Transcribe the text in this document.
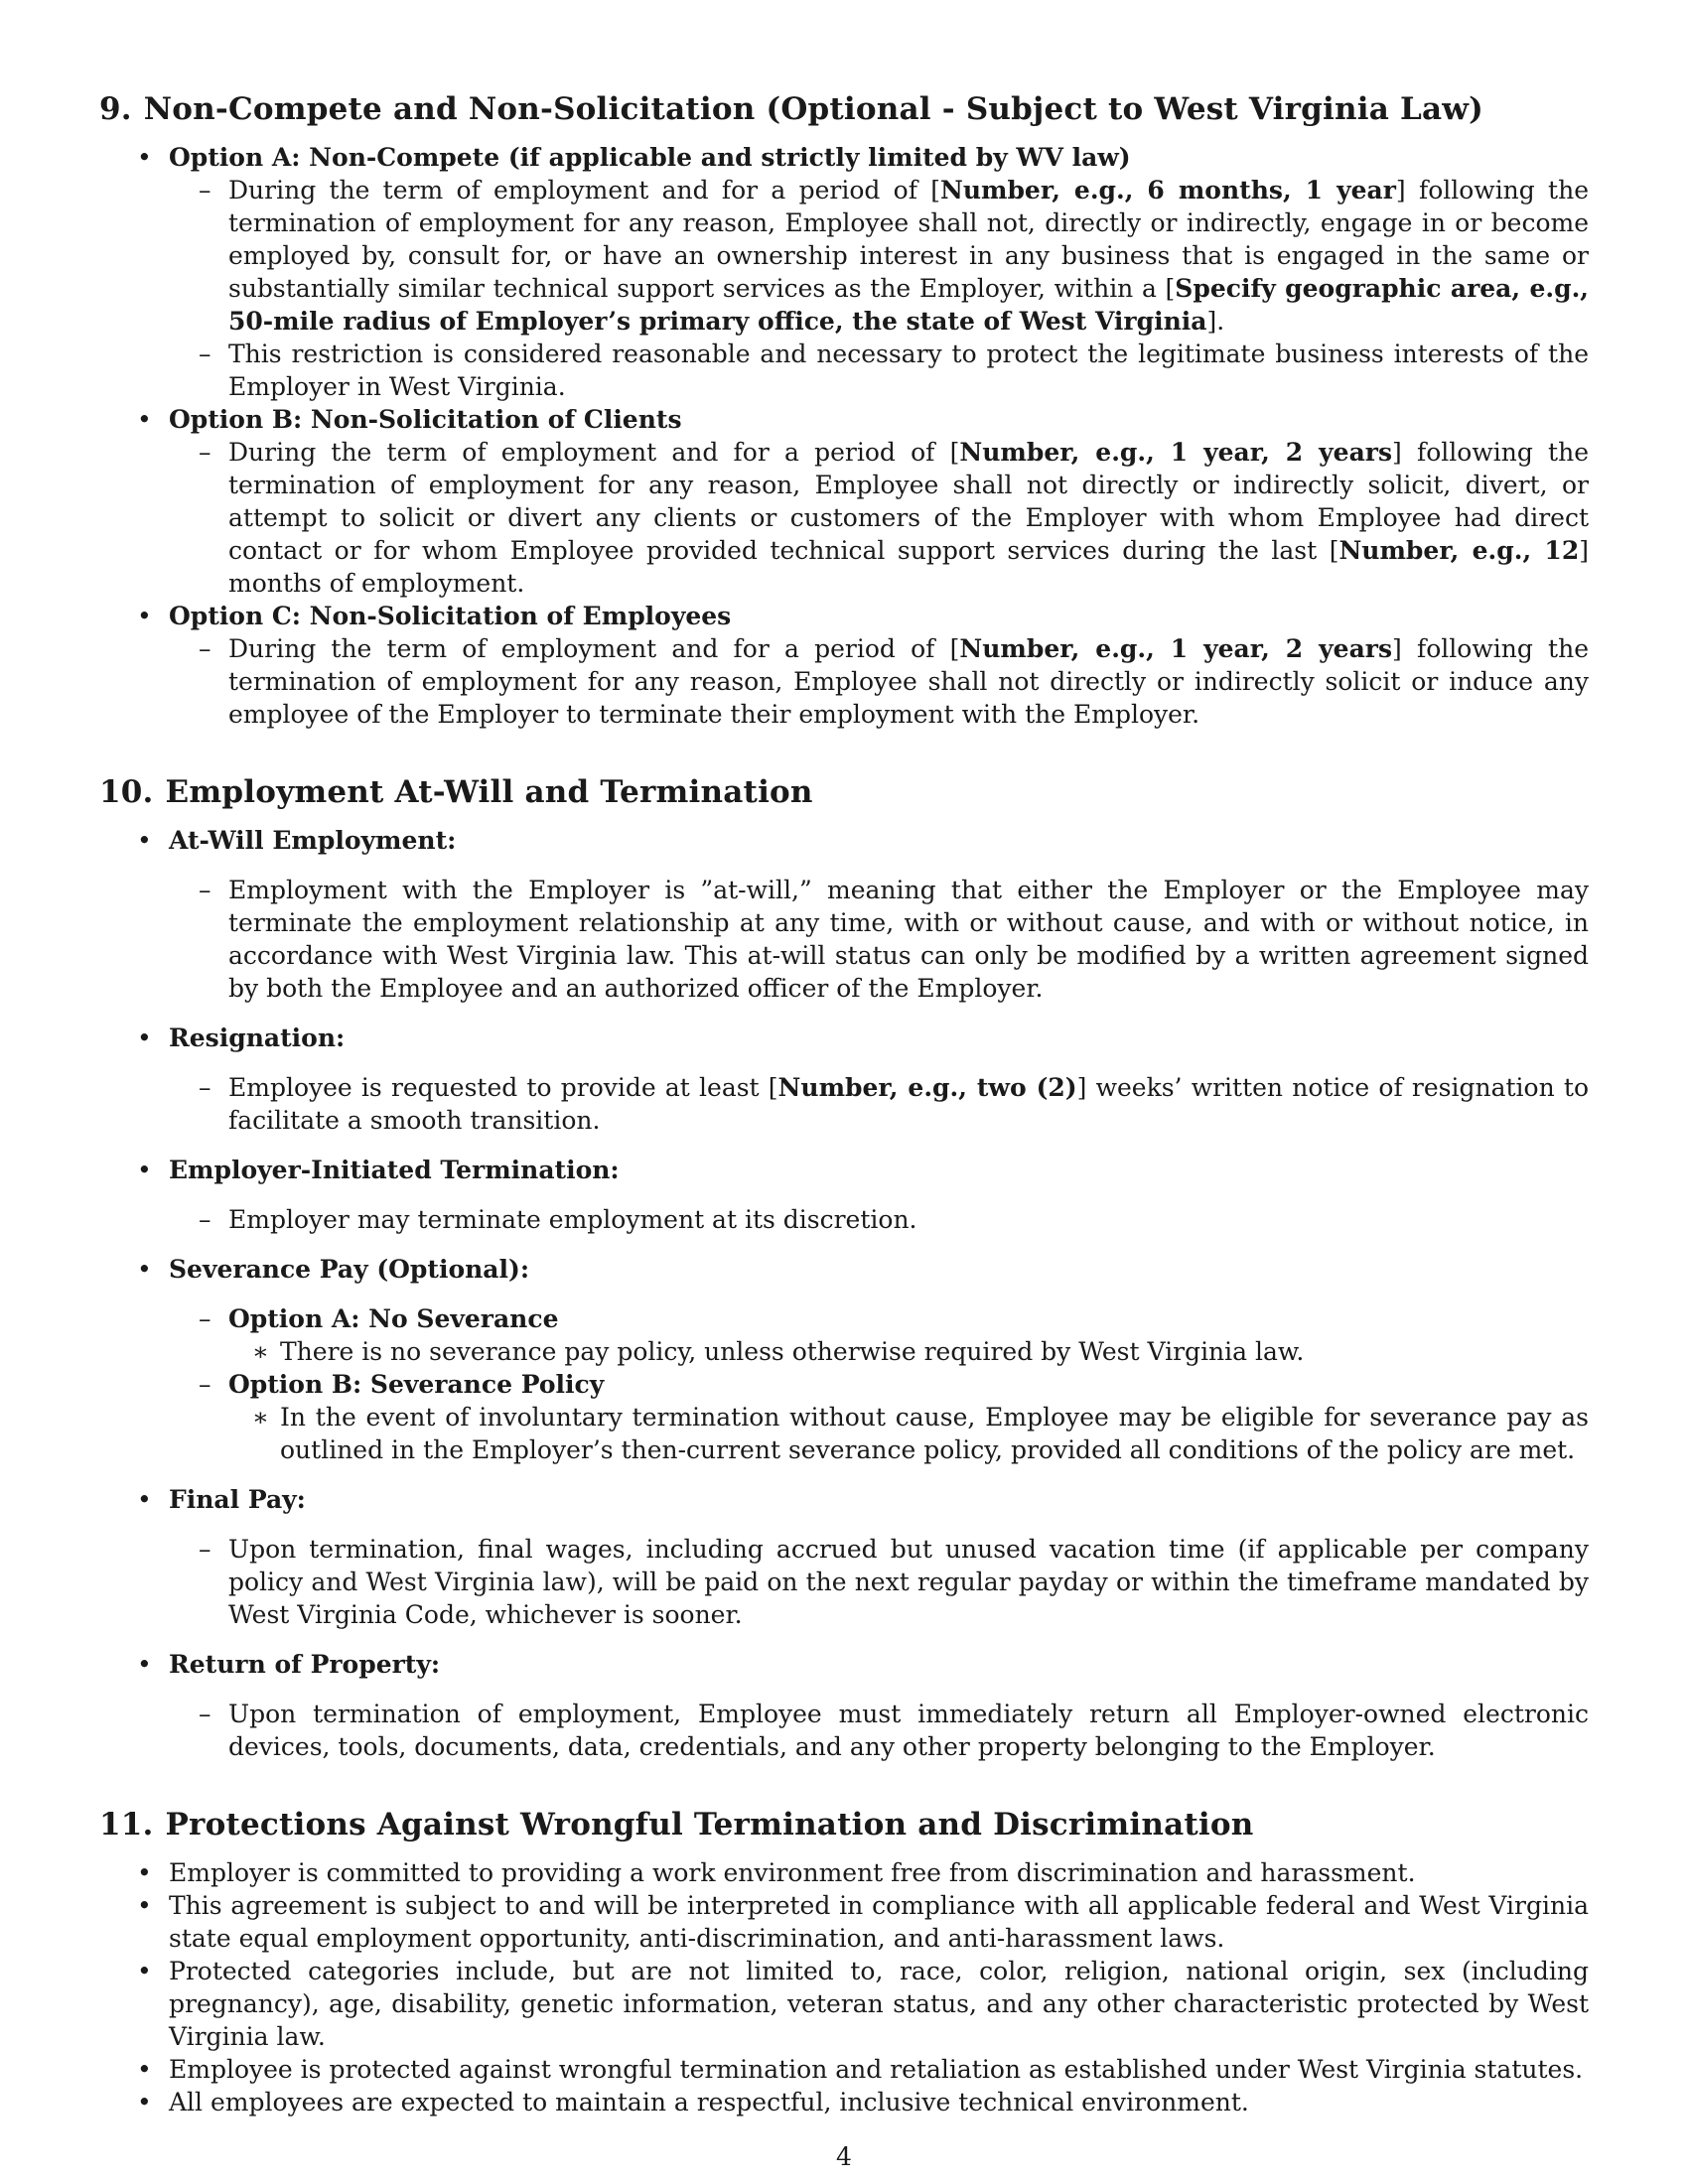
9. Non-Compete and Non-Solicitation (Optional - Subject to West Virginia Law)
• Option A: Non-Compete (if applicable and strictly limited by WV law)
– During the term of employment and for a period of [Number, e.g., 6 months, 1 year] following the termination of employment for any reason, Employee shall not, directly or indirectly, engage in or become employed by, consult for, or have an ownership interest in any business that is engaged in the same or substantially similar technical support services as the Employer, within a [Specify geographic area, e.g., 50-mile radius of Employer’s primary office, the state of West Virginia].
– This restriction is considered reasonable and necessary to protect the legitimate business interests of the Employer in West Virginia.
• Option B: Non-Solicitation of Clients
– During the term of employment and for a period of [Number, e.g., 1 year, 2 years] following the termination of employment for any reason, Employee shall not directly or indirectly solicit, divert, or attempt to solicit or divert any clients or customers of the Employer with whom Employee had direct contact or for whom Employee provided technical support services during the last [Number, e.g., 12] months of employment.
• Option C: Non-Solicitation of Employees
– During the term of employment and for a period of [Number, e.g., 1 year, 2 years] following the termination of employment for any reason, Employee shall not directly or indirectly solicit or induce any employee of the Employer to terminate their employment with the Employer.
10. Employment At-Will and Termination
• At-Will Employment:
– Employment with the Employer is ”at-will,” meaning that either the Employer or the Employee may terminate the employment relationship at any time, with or without cause, and with or without notice, in accordance with West Virginia law. This at-will status can only be modified by a written agreement signed by both the Employee and an authorized officer of the Employer.
• Resignation:
– Employee is requested to provide at least [Number, e.g., two (2)] weeks’ written notice of resignation to facilitate a smooth transition.
• Employer-Initiated Termination:
– Employer may terminate employment at its discretion.
• Severance Pay (Optional):
– Option A: No Severance
∗ There is no severance pay policy, unless otherwise required by West Virginia law.
– Option B: Severance Policy
∗ In the event of involuntary termination without cause, Employee may be eligible for severance pay as outlined in the Employer’s then-current severance policy, provided all conditions of the policy are met.
• Final Pay:
– Upon termination, final wages, including accrued but unused vacation time (if applicable per company policy and West Virginia law), will be paid on the next regular payday or within the timeframe mandated by West Virginia Code, whichever is sooner.
• Return of Property:
– Upon termination of employment, Employee must immediately return all Employer-owned electronic devices, tools, documents, data, credentials, and any other property belonging to the Employer.
11. Protections Against Wrongful Termination and Discrimination
• Employer is committed to providing a work environment free from discrimination and harassment.
• This agreement is subject to and will be interpreted in compliance with all applicable federal and West Virginia state equal employment opportunity, anti-discrimination, and anti-harassment laws.
• Protected categories include, but are not limited to, race, color, religion, national origin, sex (including pregnancy), age, disability, genetic information, veteran status, and any other characteristic protected by West Virginia law.
• Employee is protected against wrongful termination and retaliation as established under West Virginia statutes.
• All employees are expected to maintain a respectful, inclusive technical environment.
4
